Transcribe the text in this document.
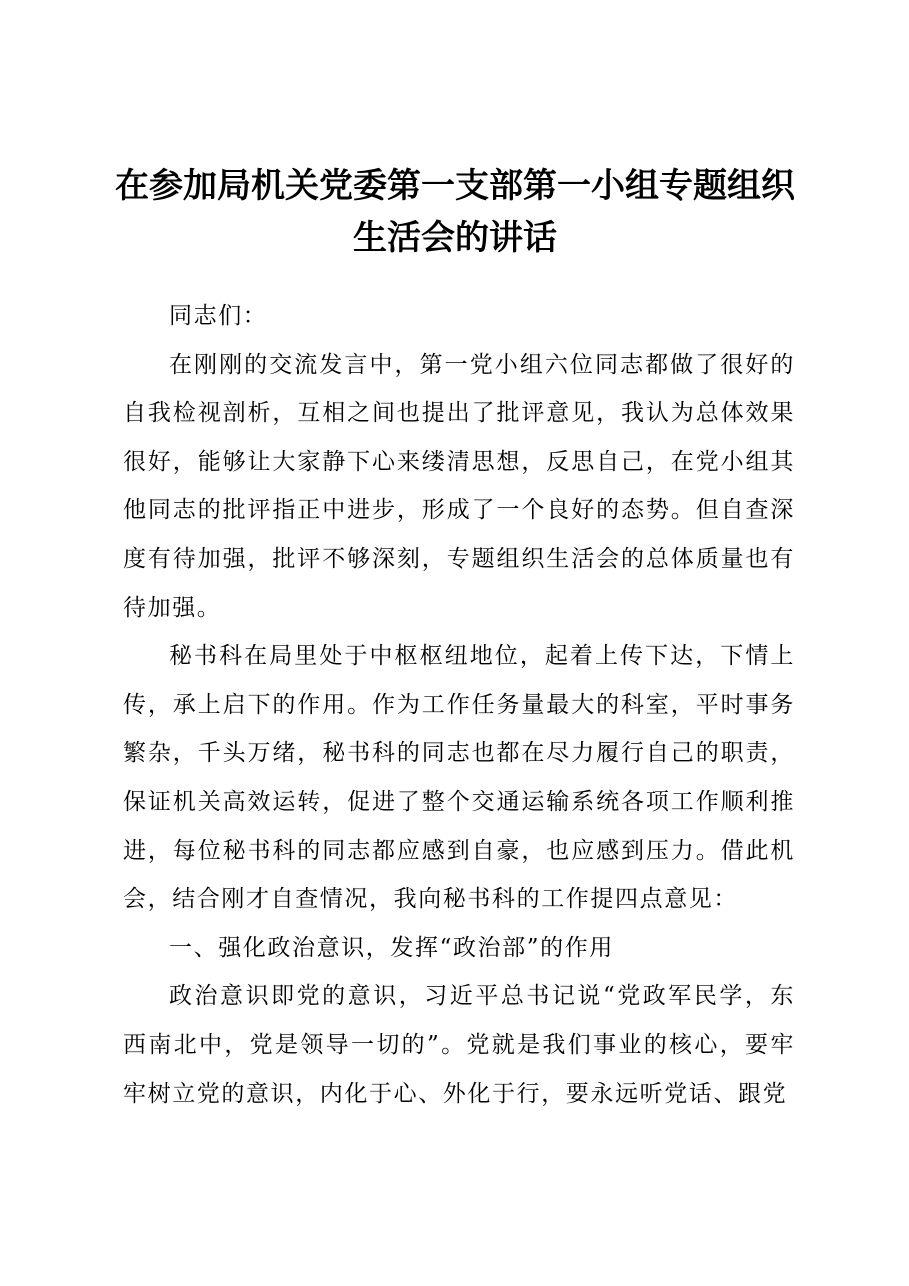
在参加局机关党委第一支部第一小组专题组织
生活会的讲话

同志们：

在刚刚的交流发言中，第一党小组六位同志都做了很好的自我检视剖析，互相之间也提出了批评意见，我认为总体效果很好，能够让大家静下心来缕清思想，反思自己，在党小组其他同志的批评指正中进步，形成了一个良好的态势。但自查深度有待加强，批评不够深刻，专题组织生活会的总体质量也有待加强。

秘书科在局里处于中枢枢纽地位，起着上传下达，下情上传，承上启下的作用。作为工作任务量最大的科室，平时事务繁杂，千头万绪，秘书科的同志也都在尽力履行自己的职责，保证机关高效运转，促进了整个交通运输系统各项工作顺利推进，每位秘书科的同志都应感到自豪，也应感到压力。借此机会，结合刚才自查情况，我向秘书科的工作提四点意见：

一、强化政治意识，发挥“政治部”的作用

政治意识即党的意识，习近平总书记说“党政军民学，东西南北中，党是领导一切的”。党就是我们事业的核心，要牢牢树立党的意识，内化于心、外化于行，要永远听党话、跟党
